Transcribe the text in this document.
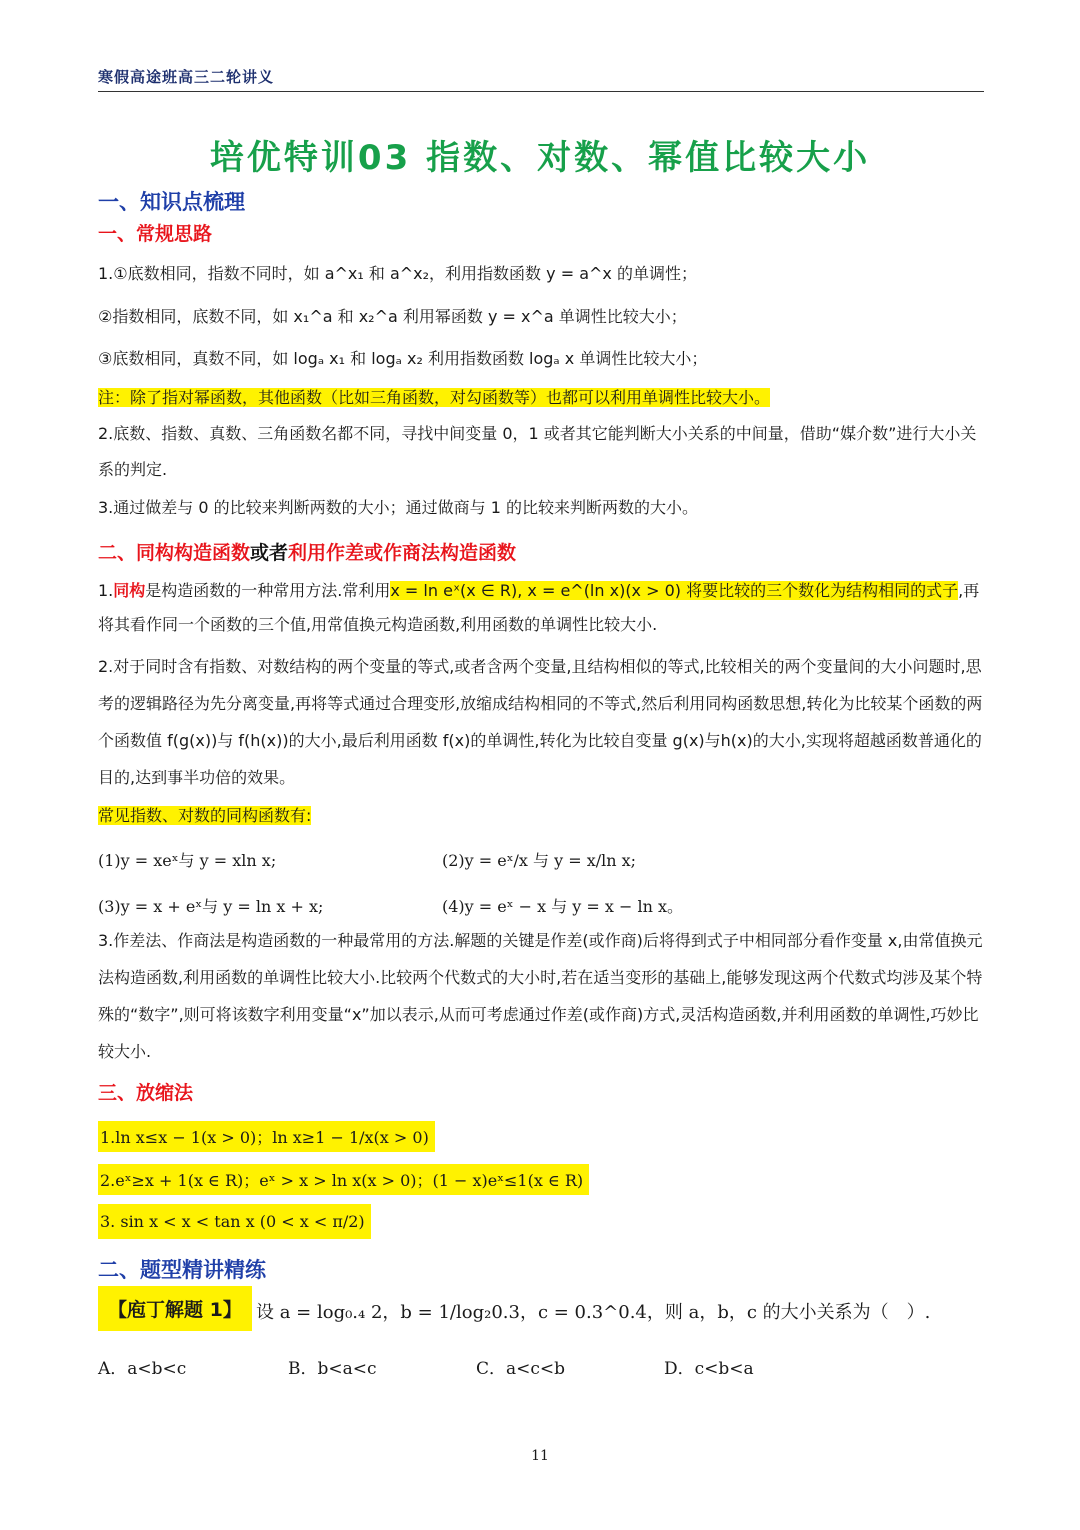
寒假高途班高三二轮讲义
培优特训03 指数、对数、幂值比较大小
一、知识点梳理
一、常规思路
1.①底数相同，指数不同时，如 a^x₁ 和 a^x₂，利用指数函数 y = a^x 的单调性；
②指数相同，底数不同，如 x₁^a 和 x₂^a 利用幂函数 y = x^a 单调性比较大小；
③底数相同，真数不同，如 logₐ x₁ 和 logₐ x₂ 利用指数函数 logₐ x 单调性比较大小；
注：除了指对幂函数，其他函数（比如三角函数，对勾函数等）也都可以利用单调性比较大小。
2.底数、指数、真数、三角函数名都不同，寻找中间变量 0，1 或者其它能判断大小关系的中间量，借助“媒介数”进行大小关系的判定.
3.通过做差与 0 的比较来判断两数的大小；通过做商与 1 的比较来判断两数的大小。
二、同构构造函数或者利用作差或作商法构造函数
1.同构是构造函数的一种常用方法.常利用x = ln eˣ(x ∈ R), x = e^(ln x)(x > 0) 将要比较的三个数化为结构相同的式子,再将其看作同一个函数的三个值,用常值换元构造函数,利用函数的单调性比较大小.
2.对于同时含有指数、对数结构的两个变量的等式,或者含两个变量,且结构相似的等式,比较相关的两个变量间的大小问题时,思考的逻辑路径为先分离变量,再将等式通过合理变形,放缩成结构相同的不等式,然后利用同构函数思想,转化为比较某个函数的两个函数值 f(g(x))与 f(h(x))的大小,最后利用函数 f(x)的单调性,转化为比较自变量 g(x)与h(x)的大小,实现将超越函数普通化的目的,达到事半功倍的效果。
常见指数、对数的同构函数有:
(1)y = xeˣ与 y = xln x;	(2)y = eˣ/x 与 y = x/ln x;
(3)y = x + eˣ与 y = ln x + x;	(4)y = eˣ − x 与 y = x − ln x。
3.作差法、作商法是构造函数的一种最常用的方法.解题的关键是作差(或作商)后将得到式子中相同部分看作变量 x,由常值换元法构造函数,利用函数的单调性比较大小.比较两个代数式的大小时,若在适当变形的基础上,能够发现这两个代数式均涉及某个特殊的“数字”,则可将该数字利用变量“x”加以表示,从而可考虑通过作差(或作商)方式,灵活构造函数,并利用函数的单调性,巧妙比较大小.
三、放缩法
1.ln x≤x − 1(x > 0)；ln x≥1 − 1/x(x > 0)
2.eˣ≥x + 1(x ∈ R)；eˣ > x > ln x(x > 0)；(1 − x)eˣ≤1(x ∈ R)
3. sin x < x < tan x (0 < x < π/2)
二、题型精讲精练
【庖丁解题 1】 设 a = log₀.₄ 2，b = 1/log₂0.3，c = 0.3^0.4，则 a，b，c 的大小关系为（　）.
A．a<b<c	B．b<a<c	C．a<c<b	D．c<b<a
11
